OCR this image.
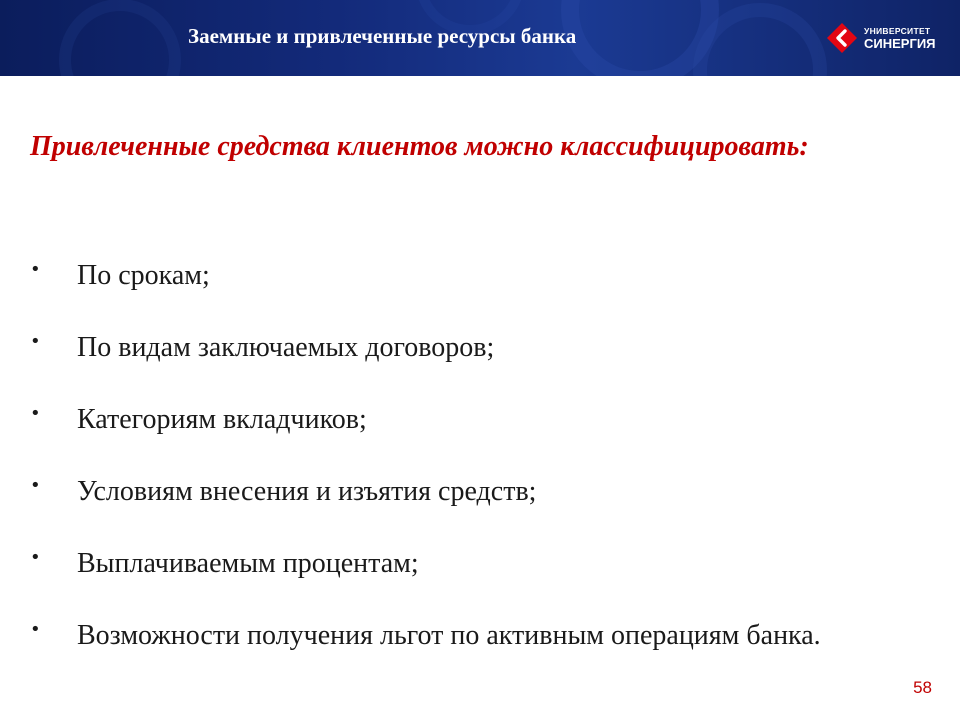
Заемные и привлеченные ресурсы банка	УНИВЕРСИТЕТ
СИНЕРГИЯ
Привлеченные средства клиентов можно классифицировать:
• По срокам;
• По видам заключаемых договоров;
• Категориям вкладчиков;
• Условиям внесения и изъятия средств;
• Выплачиваемым процентам;
• Возможности получения льгот по активным операциям банка.
58
